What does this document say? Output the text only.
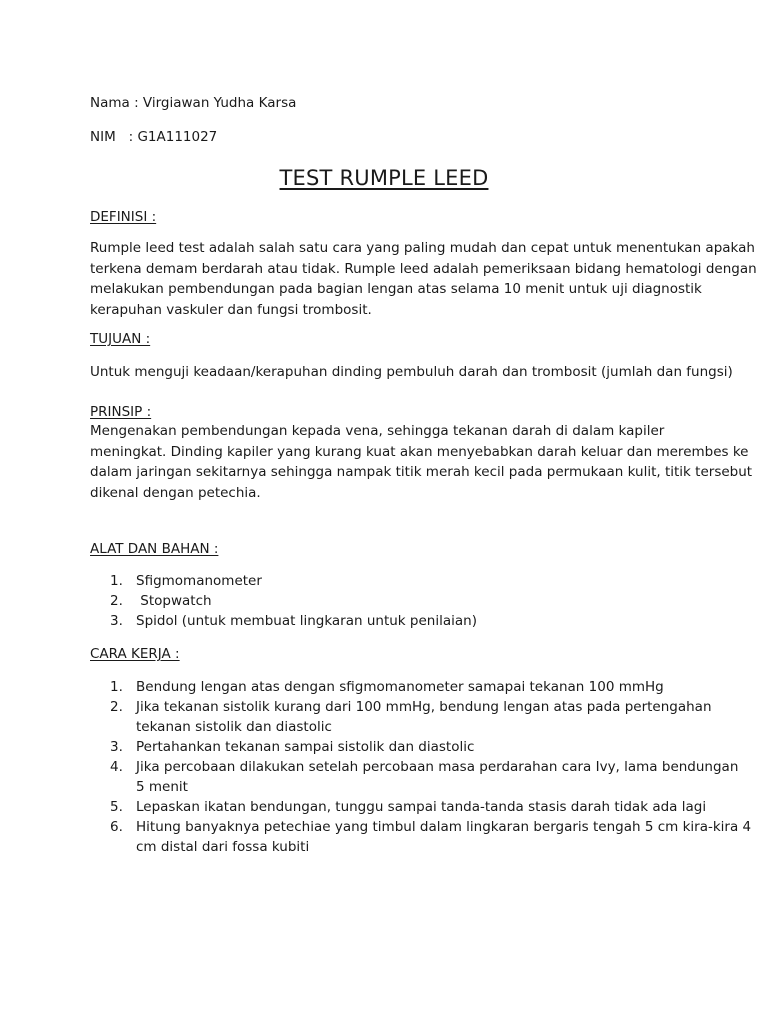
Nama : Virgiawan Yudha Karsa
NIM   : G1A111027
TEST RUMPLE LEED
DEFINISI :

Rumple leed test adalah salah satu cara yang paling mudah dan cepat untuk menentukan apakah

terkena demam berdarah atau tidak. Rumple leed adalah pemeriksaan bidang hematologi dengan

melakukan pembendungan pada bagian lengan atas selama 10 menit untuk uji diagnostik

kerapuhan vaskuler dan fungsi trombosit.

TUJUAN :
Untuk menguji keadaan/kerapuhan dinding pembuluh darah dan trombosit (jumlah dan fungsi)
PRINSIP :

Mengenakan pembendungan kepada vena, sehingga tekanan darah di dalam kapiler

meningkat. Dinding kapiler yang kurang kuat akan menyebabkan darah keluar dan merembes ke

dalam jaringan sekitarnya sehingga nampak titik merah kecil pada permukaan kulit, titik tersebut

dikenal dengan petechia.

ALAT DAN BAHAN :
1. Sfigmomanometer
2. Stopwatch
3. Spidol (untuk membuat lingkaran untuk penilaian)
CARA KERJA :
1. Bendung lengan atas dengan sfigmomanometer samapai tekanan 100 mmHg
2. Jika tekanan sistolik kurang dari 100 mmHg, bendung lengan atas pada pertengahan
tekanan sistolik dan diastolic
3. Pertahankan tekanan sampai sistolik dan diastolic
4. Jika percobaan dilakukan setelah percobaan masa perdarahan cara Ivy, lama bendungan
5 menit
5. Lepaskan ikatan bendungan, tunggu sampai tanda-tanda stasis darah tidak ada lagi
6. Hitung banyaknya petechiae yang timbul dalam lingkaran bergaris tengah 5 cm kira-kira 4
cm distal dari fossa kubiti
